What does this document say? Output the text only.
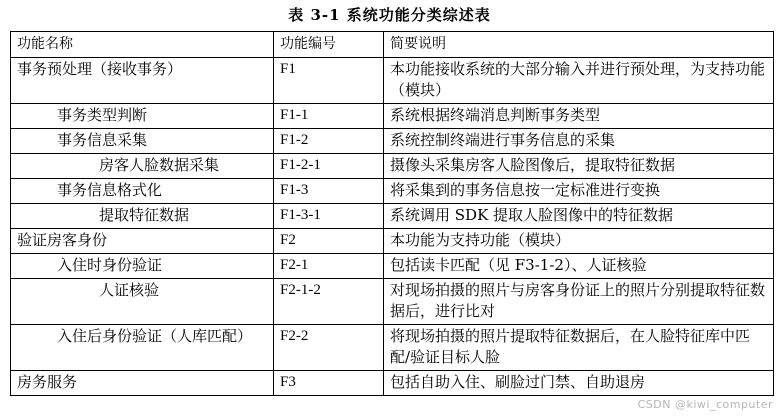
表 3-1 系统功能分类综述表
功能名称	功能编号	简要说明
事务预处理（接收事务）	F1	本功能接收系统的大部分输入并进行预处理，为支持功能（模块）
事务类型判断	F1-1	系统根据终端消息判断事务类型
事务信息采集	F1-2	系统控制终端进行事务信息的采集
房客人脸数据采集	F1-2-1	摄像头采集房客人脸图像后，提取特征数据
事务信息格式化	F1-3	将采集到的事务信息按一定标准进行变换
提取特征数据	F1-3-1	系统调用 SDK 提取人脸图像中的特征数据
验证房客身份	F2	本功能为支持功能（模块）
入住时身份验证	F2-1	包括读卡匹配（见 F3-1-2）、人证核验
人证核验	F2-1-2	对现场拍摄的照片与房客身份证上的照片分别提取特征数据后，进行比对
入住后身份验证（人库匹配）	F2-2	将现场拍摄的照片提取特征数据后，在人脸特征库中匹配/验证目标人脸
房务服务	F3	包括自助入住、刷脸过门禁、自助退房
CSDN @kiwi_computer
